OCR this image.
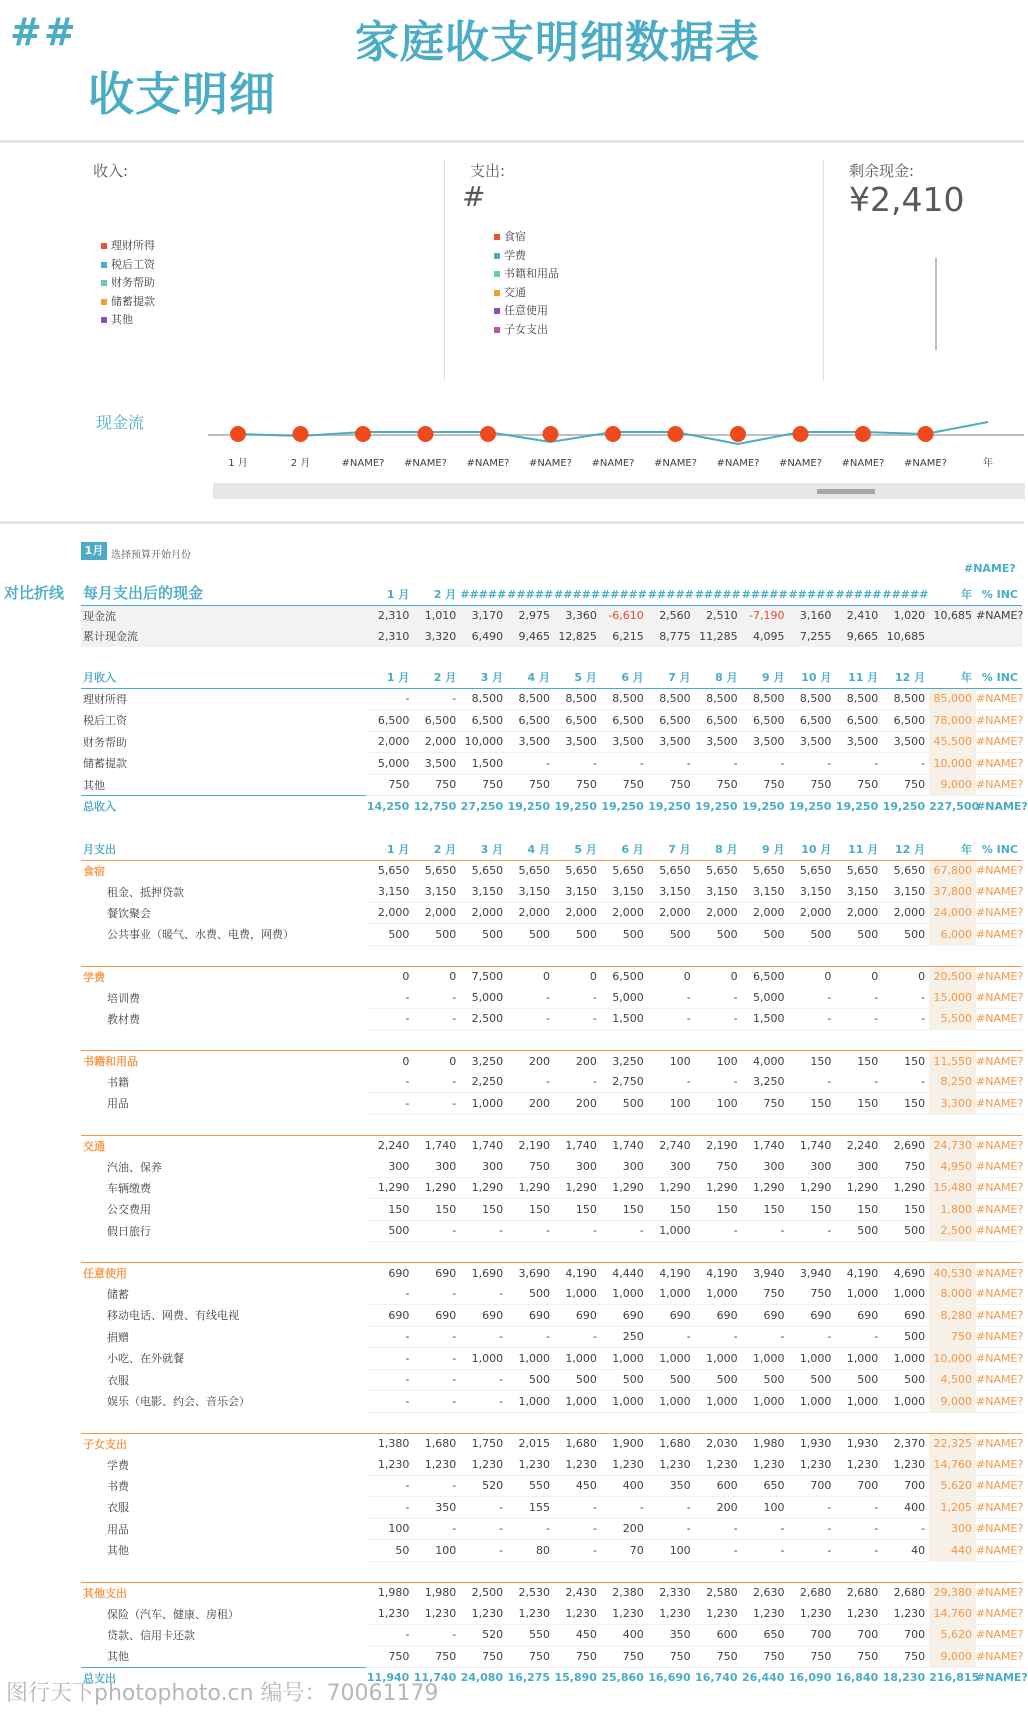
##	家庭收支明细数据表
收支明细
收入:
理财所得
税后工资
财务帮助
储蓄提款
其他
支出:
#
食宿
学费
书籍和用品
交通
任意使用
子女支出
剩余现金:
¥2,410
现金流
1 月	2 月	#NAME? #NAME? #NAME? #NAME? #NAME? #NAME? #NAME? #NAME? #NAME? #NAME?	年
1月 选择预算开始月份
#NAME?
对比折线 每月支出后的现金
		1 月	2 月	#####	#####	#####	#####	#####	#####	#####	#####	#####	#####	年	% INC
现金流	2,310	1,010	3,170	2,975	3,360	-6,610	2,560	2,510	-7,190	3,160	2,410	1,020	10,685	#NAME?
累计现金流	2,310	3,320	6,490	9,465	12,825	6,215	8,775	11,285	4,095	7,255	9,665	10,685		
月收入	1 月	2 月	3 月	4 月	5 月	6 月	7 月	8 月	9 月	10 月	11 月	12 月	年	% INC
理财所得	-	-	8,500	8,500	8,500	8,500	8,500	8,500	8,500	8,500	8,500	8,500	85,000	#NAME?
税后工资	6,500	6,500	6,500	6,500	6,500	6,500	6,500	6,500	6,500	6,500	6,500	6,500	78,000	#NAME?
财务帮助	2,000	2,000	10,000	3,500	3,500	3,500	3,500	3,500	3,500	3,500	3,500	3,500	45,500	#NAME?
储蓄提款	5,000	3,500	1,500	-	-	-	-	-	-	-	-	-	10,000	#NAME?
其他	750	750	750	750	750	750	750	750	750	750	750	750	9,000	#NAME?
总收入	14,250	12,750	27,250	19,250	19,250	19,250	19,250	19,250	19,250	19,250	19,250	19,250	227,500	#NAME?
月支出	1 月	2 月	3 月	4 月	5 月	6 月	7 月	8 月	9 月	10 月	11 月	12 月	年	% INC
食宿	5,650	5,650	5,650	5,650	5,650	5,650	5,650	5,650	5,650	5,650	5,650	5,650	67,800	#NAME?
租金、抵押贷款	3,150	3,150	3,150	3,150	3,150	3,150	3,150	3,150	3,150	3,150	3,150	3,150	37,800	#NAME?
餐饮聚会	2,000	2,000	2,000	2,000	2,000	2,000	2,000	2,000	2,000	2,000	2,000	2,000	24,000	#NAME?
公共事业（暖气、水费、电费，网费）	500	500	500	500	500	500	500	500	500	500	500	500	6,000	#NAME?

学费	0	0	7,500	0	0	6,500	0	0	6,500	0	0	0	20,500	#NAME?
培训费	-	-	5,000	-	-	5,000	-	-	5,000	-	-	-	15,000	#NAME?
教材费	-	-	2,500	-	-	1,500	-	-	1,500	-	-	-	5,500	#NAME?

书籍和用品	0	0	3,250	200	200	3,250	100	100	4,000	150	150	150	11,550	#NAME?
书籍	-	-	2,250	-	-	2,750	-	-	3,250	-	-	-	8,250	#NAME?
用品	-	-	1,000	200	200	500	100	100	750	150	150	150	3,300	#NAME?

交通	2,240	1,740	1,740	2,190	1,740	1,740	2,740	2,190	1,740	1,740	2,240	2,690	24,730	#NAME?
汽油、保养	300	300	300	750	300	300	300	750	300	300	300	750	4,950	#NAME?
车辆缴费	1,290	1,290	1,290	1,290	1,290	1,290	1,290	1,290	1,290	1,290	1,290	1,290	15,480	#NAME?
公交费用	150	150	150	150	150	150	150	150	150	150	150	150	1,800	#NAME?
假日旅行	500	-	-	-	-	-	1,000	-	-	-	500	500	2,500	#NAME?

任意使用	690	690	1,690	3,690	4,190	4,440	4,190	4,190	3,940	3,940	4,190	4,690	40,530	#NAME?
储蓄	-	-	-	500	1,000	1,000	1,000	1,000	750	750	1,000	1,000	8,000	#NAME?
移动电话、网费、有线电视	690	690	690	690	690	690	690	690	690	690	690	690	8,280	#NAME?
捐赠	-	-	-	-	-	250	-	-	-	-	-	500	750	#NAME?
小吃、在外就餐	-	-	1,000	1,000	1,000	1,000	1,000	1,000	1,000	1,000	1,000	1,000	10,000	#NAME?
衣服	-	-	-	500	500	500	500	500	500	500	500	500	4,500	#NAME?
娱乐（电影、约会、音乐会）	-	-	-	1,000	1,000	1,000	1,000	1,000	1,000	1,000	1,000	1,000	9,000	#NAME?

子女支出	1,380	1,680	1,750	2,015	1,680	1,900	1,680	2,030	1,980	1,930	1,930	2,370	22,325	#NAME?
学费	1,230	1,230	1,230	1,230	1,230	1,230	1,230	1,230	1,230	1,230	1,230	1,230	14,760	#NAME?
书费	-	-	520	550	450	400	350	600	650	700	700	700	5,620	#NAME?
衣服	-	350	-	155	-	-	-	200	100	-	-	400	1,205	#NAME?
用品	100	-	-	-	-	200	-	-	-	-	-	-	300	#NAME?
其他	50	100	-	80	-	70	100	-	-	-	-	40	440	#NAME?

其他支出	1,980	1,980	2,500	2,530	2,430	2,380	2,330	2,580	2,630	2,680	2,680	2,680	29,380	#NAME?
保险（汽车、健康、房租）	1,230	1,230	1,230	1,230	1,230	1,230	1,230	1,230	1,230	1,230	1,230	1,230	14,760	#NAME?
贷款、信用卡还款	-	-	520	550	450	400	350	600	650	700	700	700	5,620	#NAME?
其他	750	750	750	750	750	750	750	750	750	750	750	750	9,000	#NAME?
总支出	11,940	11,740	24,080	16,275	15,890	25,860	16,690	16,740	26,440	16,090	16,840	18,230	216,815	#NAME?
图行天下photophoto.cn 编号：70061179
